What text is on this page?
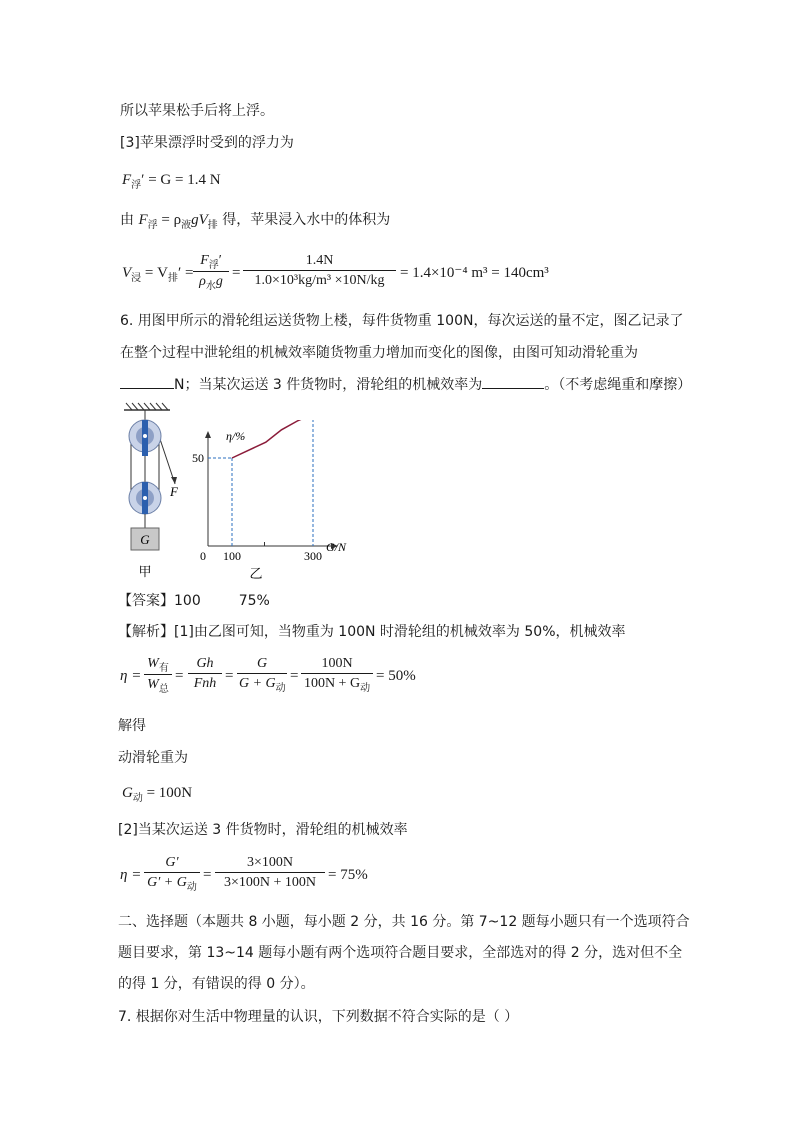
所以苹果松手后将上浮。
[3]苹果漂浮时受到的浮力为
$F_浮' = G = 1.4$ N
由 $F_浮 = \rho_液gV_排$ 得，苹果浸入水中的体积为
$V_浸 = V_排'$ =
$F_浮'$
$\rho_水g$
= $\frac{1.4N}{\text{1.0×10³kg/m³ ×10N/kg}} = 1.4\times 10^{-4}$ m³ = 140cm³
6. 用图甲所示的滑轮组运送货物上楼，每件货物重 100N，每次运送的量不定，图乙记录了
在整个过程中泄轮组的机械效率随货物重力增加而变化的图像，由图可知动滑轮重为
N；当某次运送 3 件货物时，滑轮组的机械效率为	。（不考虑绳重和摩擦）
G
F
甲
η/%
G/N
0 100	300
50
乙
【答案】100	75%
【解析】[1]由乙图可知，当物重为 100N 时滑轮组的机械效率为 50%，机械效率
η =
$W_有$
$W_总$
=
Gh
Fnh =
G
$G + G_动$
=
100N
$100N + G_动$
= 50%
解得
动滑轮重为
$G_动 = 100N$
[2]当某次运送 3 件货物时，滑轮组的机械效率
η =
G′
$G' + G_动$
= $\frac{3\times 100N}{3\times 100N + 100N} = 75\%$
二、选择题（本题共 8 小题，每小题 2 分，共 16 分。第 7~12 题每小题只有一个选项符合
题目要求，第 13~14 题每小题有两个选项符合题目要求，全部选对的得 2 分，选对但不全
的得 1 分，有错误的得 0 分）。
7. 根据你对生活中物理量的认识，下列数据不符合实际的是（ ）
